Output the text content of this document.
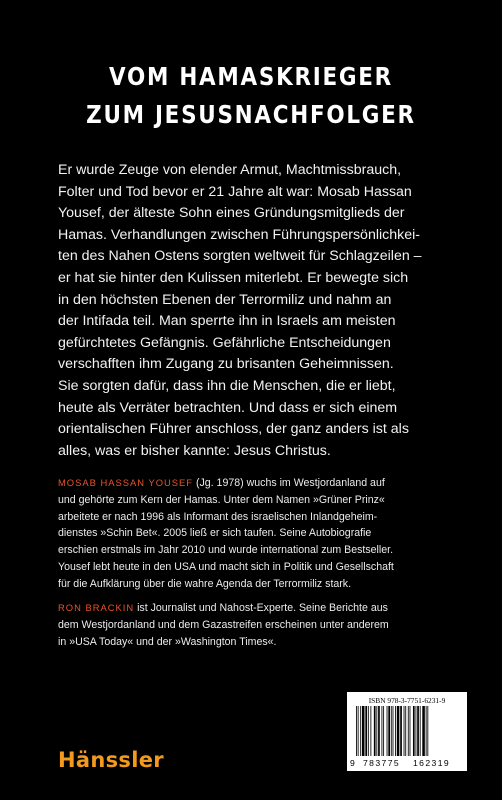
VOM HAMASKRIEGER
ZUM JESUSNACHFOLGER
Er wurde Zeuge von elender Armut, Machtmissbrauch,
Folter und Tod bevor er 21 Jahre alt war: Mosab Hassan
Yousef, der älteste Sohn eines Gründungsmitglieds der
Hamas. Verhandlungen zwischen Führungspersönlichkei-
ten des Nahen Ostens sorgten weltweit für Schlagzeilen –
er hat sie hinter den Kulissen miterlebt. Er bewegte sich
in den höchsten Ebenen der Terrormiliz und nahm an
der Intifada teil. Man sperrte ihn in Israels am meisten
gefürchtetes Gefängnis. Gefährliche Entscheidungen
verschafften ihm Zugang zu brisanten Geheimnissen.
Sie sorgten dafür, dass ihn die Menschen, die er liebt,
heute als Verräter betrachten. Und dass er sich einem
orientalischen Führer anschloss, der ganz anders ist als
alles, was er bisher kannte: Jesus Christus.
MOSAB HASSAN YOUSEF (Jg. 1978) wuchs im Westjordanland auf
und gehörte zum Kern der Hamas. Unter dem Namen »Grüner Prinz«
arbeitete er nach 1996 als Informant des israelischen Inlandgeheim-
dienstes »Schin Bet«. 2005 ließ er sich taufen. Seine Autobiografie
erschien erstmals im Jahr 2010 und wurde international zum Bestseller.
Yousef lebt heute in den USA und macht sich in Politik und Gesellschaft
für die Aufklärung über die wahre Agenda der Terrormiliz stark.
RON BRACKIN ist Journalist und Nahost-Experte. Seine Berichte aus
dem Westjordanland und dem Gazastreifen erscheinen unter anderem
in »USA Today« und der »Washington Times«.
Hänssler
ISBN 978-3-7751-6231-9
9 783775 162319
